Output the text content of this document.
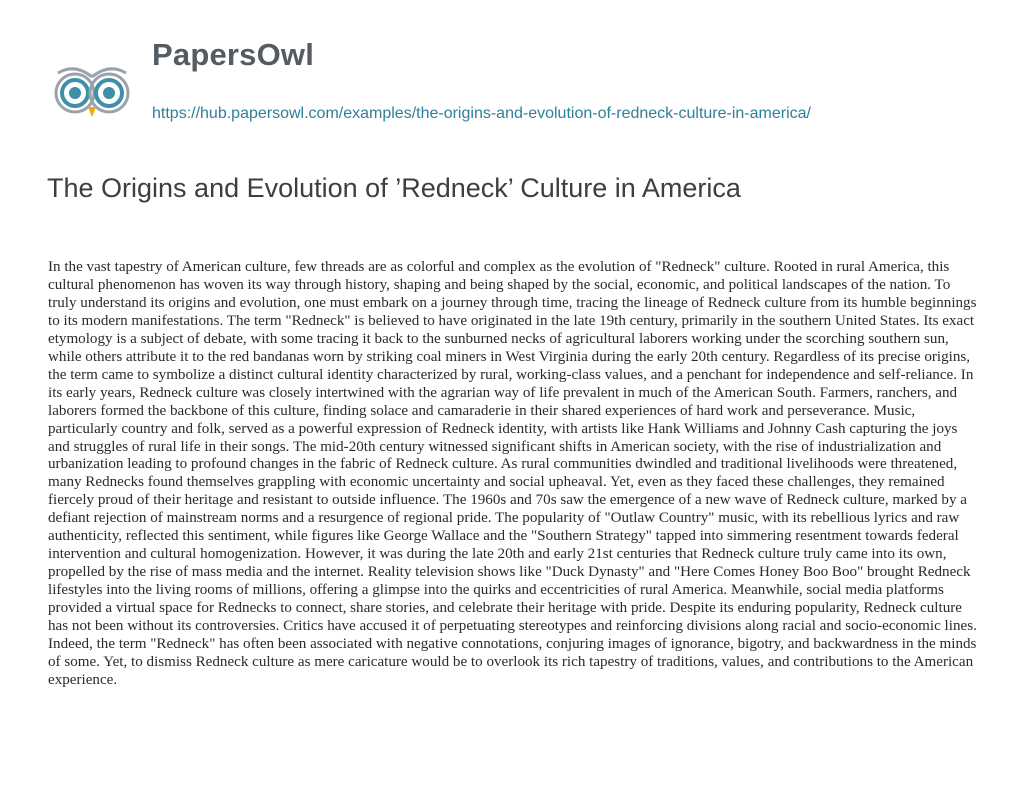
PapersOwl
https://hub.papersowl.com/examples/the-origins-and-evolution-of-redneck-culture-in-america/
The Origins and Evolution of ’Redneck’ Culture in America

In the vast tapestry of American culture, few threads are as colorful and complex as the evolution of "Redneck" culture. Rooted in rural America, this cultural phenomenon has woven its way through history, shaping and being shaped by the social, economic, and political landscapes of the nation. To truly understand its origins and evolution, one must embark on a journey through time, tracing the lineage of Redneck culture from its humble beginnings to its modern manifestations. The term "Redneck" is believed to have originated in the late 19th century, primarily in the southern United States. Its exact etymology is a subject of debate, with some tracing it back to the sunburned necks of agricultural laborers working under the scorching southern sun, while others attribute it to the red bandanas worn by striking coal miners in West Virginia during the early 20th century. Regardless of its precise origins, the term came to symbolize a distinct cultural identity characterized by rural, working-class values, and a penchant for independence and self-reliance. In its early years, Redneck culture was closely intertwined with the agrarian way of life prevalent in much of the American South. Farmers, ranchers, and laborers formed the backbone of this culture, finding solace and camaraderie in their shared experiences of hard work and perseverance. Music, particularly country and folk, served as a powerful expression of Redneck identity, with artists like Hank Williams and Johnny Cash capturing the joys and struggles of rural life in their songs. The mid-20th century witnessed significant shifts in American society, with the rise of industrialization and urbanization leading to profound changes in the fabric of Redneck culture. As rural communities dwindled and traditional livelihoods were threatened, many Rednecks found themselves grappling with economic uncertainty and social upheaval. Yet, even as they faced these challenges, they remained fiercely proud of their heritage and resistant to outside influence. The 1960s and 70s saw the emergence of a new wave of Redneck culture, marked by a defiant rejection of mainstream norms and a resurgence of regional pride. The popularity of "Outlaw Country" music, with its rebellious lyrics and raw authenticity, reflected this sentiment, while figures like George Wallace and the "Southern Strategy" tapped into simmering resentment towards federal intervention and cultural homogenization. However, it was during the late 20th and early 21st centuries that Redneck culture truly came into its own, propelled by the rise of mass media and the internet. Reality television shows like "Duck Dynasty" and "Here Comes Honey Boo Boo" brought Redneck lifestyles into the living rooms of millions, offering a glimpse into the quirks and eccentricities of rural America. Meanwhile, social media platforms provided a virtual space for Rednecks to connect, share stories, and celebrate their heritage with pride. Despite its enduring popularity, Redneck culture has not been without its controversies. Critics have accused it of perpetuating stereotypes and reinforcing divisions along racial and socio-economic lines. Indeed, the term "Redneck" has often been associated with negative connotations, conjuring images of ignorance, bigotry, and backwardness in the minds of some. Yet, to dismiss Redneck culture as mere caricature would be to overlook its rich tapestry of traditions, values, and contributions to the American experience.
